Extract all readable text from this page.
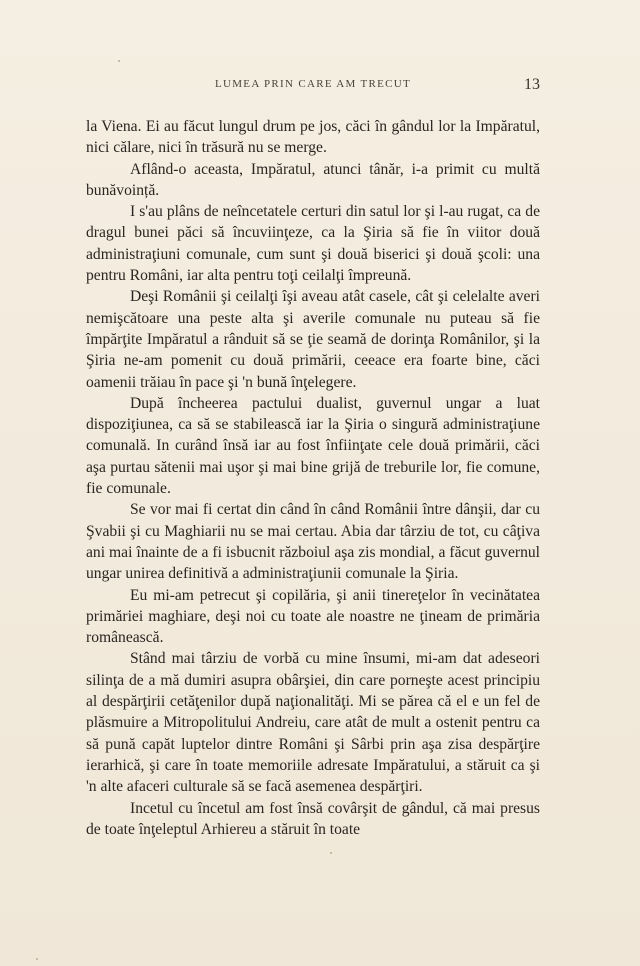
LUMEA PRIN CARE AM TRECUT	13

la Viena. Ei au făcut lungul drum pe jos, căci în gândul lor la Impăratul, nici călare, nici în trăsură nu se merge.

Aflând-o aceasta, Impăratul, atunci tânăr, i-a primit cu multă bunăvoință.

I s'au plâns de neîncetatele certuri din satul lor şi l-au rugat, ca de dragul bunei păci să încuviinţeze, ca la Şiria să fie în viitor două administraţiuni comunale, cum sunt şi două biserici şi două şcoli: una pentru Români, iar alta pentru toţi ceilalţi împreună.

Deşi Românii şi ceilalţi îşi aveau atât casele, cât şi celelalte averi nemişcătoare una peste alta şi averile comunale nu puteau să fie împărţite Impăratul a rânduit să se ţie seamă de dorinţa Românilor, şi la Şiria ne-am pomenit cu două primării, ceeace era foarte bine, căci oamenii trăiau în pace şi 'n bună înţelegere.

După încheerea pactului dualist, guvernul ungar a luat dispoziţiunea, ca să se stabilească iar la Şiria o singură administraţiune comunală. In curând însă iar au fost înfiinţate cele două primării, căci aşa purtau sătenii mai uşor şi mai bine grijă de treburile lor, fie comune, fie comunale.

Se vor mai fi certat din când în când Românii între dânşii, dar cu Şvabii şi cu Maghiarii nu se mai certau. Abia dar târziu de tot, cu câţiva ani mai înainte de a fi isbucnit războiul aşa zis mondial, a făcut guvernul ungar unirea definitivă a administraţiunii comunale la Şiria.

Eu mi-am petrecut şi copilăria, şi anii tinereţelor în vecinătatea primăriei maghiare, deşi noi cu toate ale noastre ne ţineam de primăria românească.

Stând mai târziu de vorbă cu mine însumi, mi-am dat adeseori silinţa de a mă dumiri asupra obârşiei, din care porneşte acest principiu al despărţirii cetăţenilor după naţionalităţi. Mi se părea că el e un fel de plăsmuire a Mitropolitului Andreiu, care atât de mult a ostenit pentru ca să pună capăt luptelor dintre Români şi Sârbi prin aşa zisa despărţire ierarhică, şi care în toate memoriile adresate Impăratului, a stăruit ca şi 'n alte afaceri culturale să se facă asemenea despărţiri.

Incetul cu încetul am fost însă covârşit de gândul, că mai presus de toate înţeleptul Arhiereu a stăruit în toate
